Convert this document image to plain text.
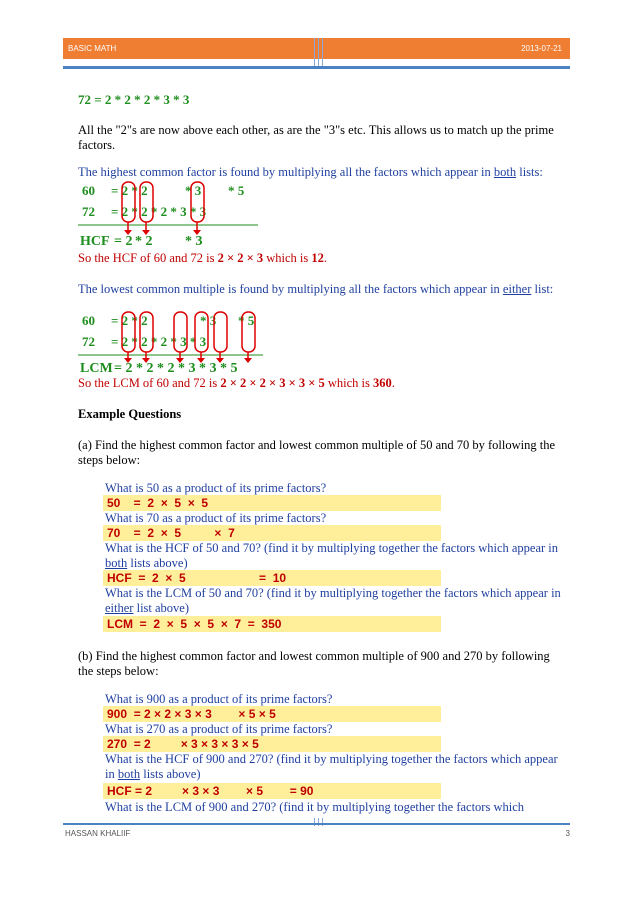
BASIC MATH	2013-07-21
72 = 2 * 2 * 2 * 3 * 3
All the "2"s are now above each other, as are the "3"s etc. This allows us to match up the prime factors.
The highest common factor is found by multiplying all the factors which appear in both lists:
60 = 2 * 2	* 3 * 5
72 = 2 * 2 * 2 * 3 * 3
HCF = 2 * 2 * 3
So the HCF of 60 and 72 is 2 × 2 × 3 which is 12.
The lowest common multiple is found by multiplying all the factors which appear in either list:
60 = 2 * 2	* 3 * 5
72 = 2 * 2 * 2 * 3 * 3
LCM = 2 * 2 * 2 * 3 * 3 * 5
So the LCM of 60 and 72 is 2 × 2 × 2 × 3 × 3 × 5 which is 360.
Example Questions
(a) Find the highest common factor and lowest common multiple of 50 and 70 by following the steps below:
What is 50 as a product of its prime factors?
50    =  2  ×  5  ×  5
What is 70 as a product of its prime factors?
70    =  2  ×  5          ×  7
What is the HCF of 50 and 70? (find it by multiplying together the factors which appear in both lists above)
HCF  =  2  ×  5                      =  10
What is the LCM of 50 and 70? (find it by multiplying together the factors which appear in either list above)
LCM  =  2  ×  5  ×  5  ×  7  =  350
(b) Find the highest common factor and lowest common multiple of 900 and 270 by following the steps below:
What is 900 as a product of its prime factors?
900  = 2 × 2 × 3 × 3        × 5 × 5
What is 270 as a product of its prime factors?
270  = 2         × 3 × 3 × 3 × 5
What is the HCF of 900 and 270? (find it by multiplying together the factors which appear in both lists above)
HCF = 2         × 3 × 3        × 5        = 90
What is the LCM of 900 and 270? (find it by multiplying together the factors which
HASSAN KHALIIF	3
